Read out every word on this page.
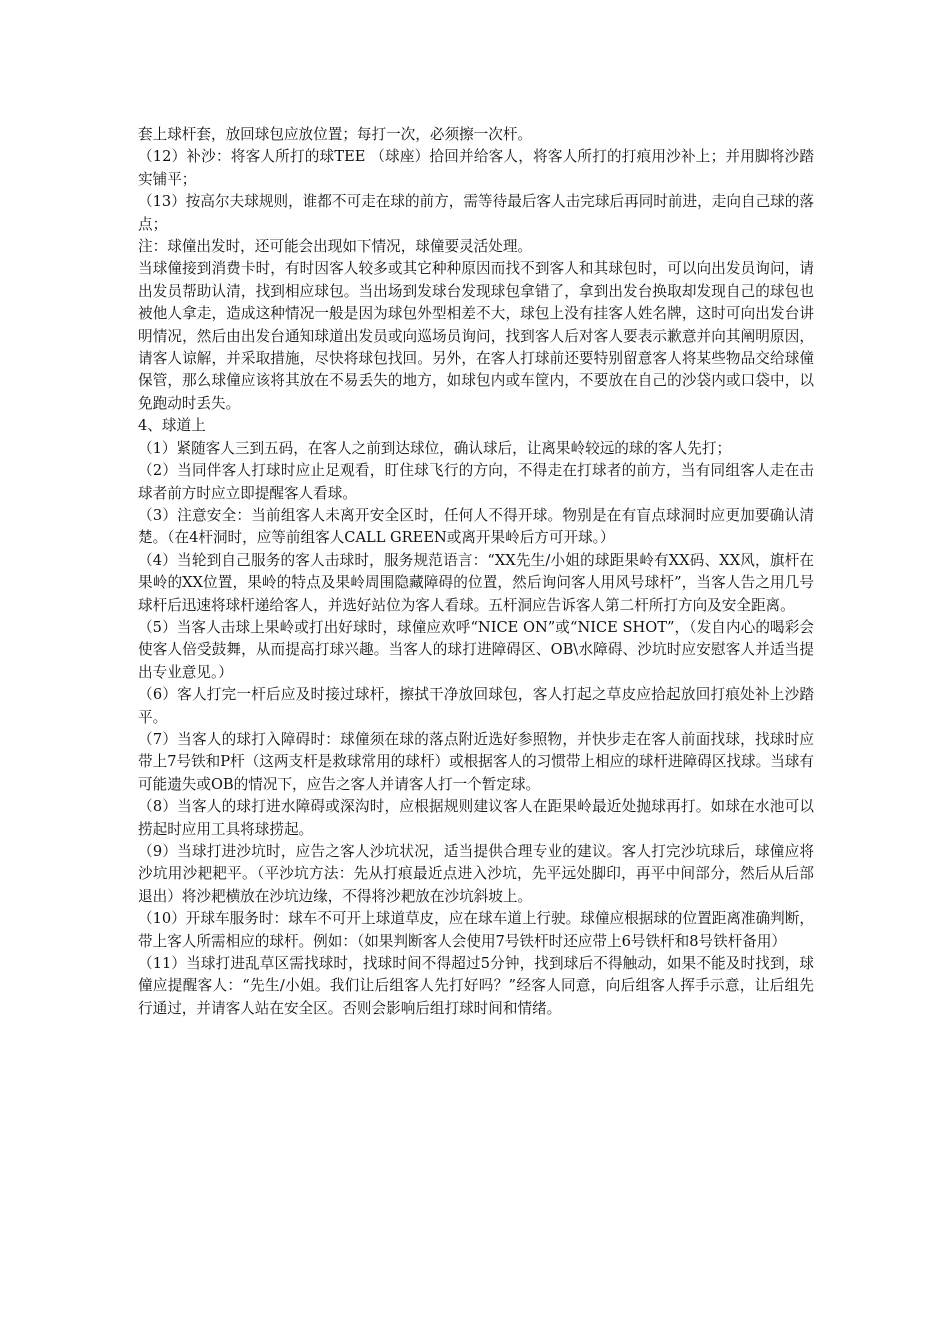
套上球杆套，放回球包应放位置；每打一次，必须擦一次杆。

（12）补沙：将客人所打的球TEE （球座）拾回并给客人，将客人所打的打痕用沙补上；并用脚将沙踏实铺平；

（13）按高尔夫球规则，谁都不可走在球的前方，需等待最后客人击完球后再同时前进，走向自己球的落点；

注：球僮出发时，还可能会出现如下情况，球僮要灵活处理。

当球僮接到消费卡时，有时因客人较多或其它种种原因而找不到客人和其球包时，可以向出发员询问，请出发员帮助认清，找到相应球包。当出场到发球台发现球包拿错了，拿到出发台换取却发现自己的球包也被他人拿走，造成这种情况一般是因为球包外型相差不大，球包上没有挂客人姓名牌，这时可向出发台讲明情况，然后由出发台通知球道出发员或向巡场员询问，找到客人后对客人要表示歉意并向其阐明原因，请客人谅解，并采取措施，尽快将球包找回。另外，在客人打球前还要特别留意客人将某些物品交给球僮保管，那么球僮应该将其放在不易丢失的地方，如球包内或车筐内，不要放在自己的沙袋内或口袋中，以免跑动时丢失。

4、球道上

（1）紧随客人三到五码，在客人之前到达球位，确认球后，让离果岭较远的球的客人先打；

（2）当同伴客人打球时应止足观看，盯住球飞行的方向，不得走在打球者的前方，当有同组客人走在击球者前方时应立即提醒客人看球。

（3）注意安全：当前组客人未离开安全区时，任何人不得开球。物别是在有盲点球洞时应更加要确认清楚。（在4杆洞时，应等前组客人CALL GREEN或离开果岭后方可开球。）

（4）当轮到自己服务的客人击球时，服务规范语言：“XX先生/小姐的球距果岭有XX码、XX风，旗杆在果岭的XX位置，果岭的特点及果岭周围隐藏障碍的位置，然后询问客人用风号球杆”，当客人告之用几号球杆后迅速将球杆递给客人，并选好站位为客人看球。五杆洞应告诉客人第二杆所打方向及安全距离。

（5）当客人击球上果岭或打出好球时，球僮应欢呼“NICE ON”或“NICE SHOT”，（发自内心的喝彩会使客人倍受鼓舞，从而提高打球兴趣。当客人的球打进障碍区、OB\水障碍、沙坑时应安慰客人并适当提出专业意见。）

（6）客人打完一杆后应及时接过球杆，擦拭干净放回球包，客人打起之草皮应拾起放回打痕处补上沙踏平。

（7）当客人的球打入障碍时：球僮须在球的落点附近选好参照物，并快步走在客人前面找球，找球时应带上7号铁和P杆（这两支杆是救球常用的球杆）或根据客人的习惯带上相应的球杆进障碍区找球。当球有可能遗失或OB的情况下，应告之客人并请客人打一个暂定球。

（8）当客人的球打进水障碍或深沟时，应根据规则建议客人在距果岭最近处抛球再打。如球在水池可以捞起时应用工具将球捞起。

（9）当球打进沙坑时，应告之客人沙坑状况，适当提供合理专业的建议。客人打完沙坑球后，球僮应将沙坑用沙耙耙平。（平沙坑方法：先从打痕最近点进入沙坑，先平远处脚印，再平中间部分，然后从后部退出）将沙耙横放在沙坑边缘，不得将沙耙放在沙坑斜坡上。

（10）开球车服务时：球车不可开上球道草皮，应在球车道上行驶。球僮应根据球的位置距离准确判断，带上客人所需相应的球杆。例如：（如果判断客人会使用7号铁杆时还应带上6号铁杆和8号铁杆备用）

（11）当球打进乱草区需找球时，找球时间不得超过5分钟，找到球后不得触动，如果不能及时找到，球僮应提醒客人：“先生/小姐。我们让后组客人先打好吗？”经客人同意，向后组客人挥手示意，让后组先行通过，并请客人站在安全区。否则会影响后组打球时间和情绪。
